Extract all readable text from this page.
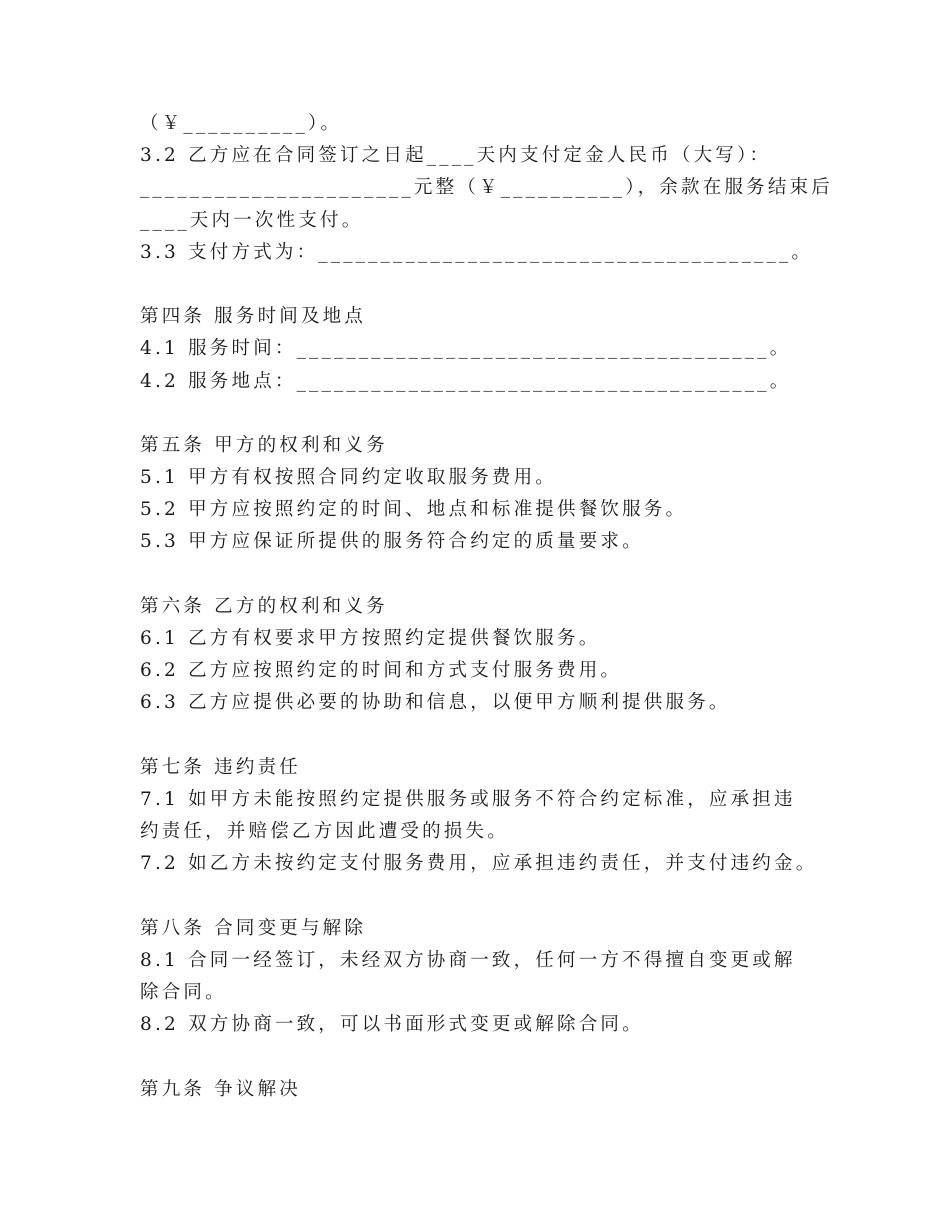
（￥__________）。
3.2 乙方应在合同签订之日起____天内支付定金人民币（大写）：
______________________元整（￥__________），余款在服务结束后
____天内一次性支付。
3.3 支付方式为：______________________________________。
第四条 服务时间及地点
4.1 服务时间：______________________________________。
4.2 服务地点：______________________________________。
第五条 甲方的权利和义务
5.1 甲方有权按照合同约定收取服务费用。
5.2 甲方应按照约定的时间、地点和标准提供餐饮服务。
5.3 甲方应保证所提供的服务符合约定的质量要求。
第六条 乙方的权利和义务
6.1 乙方有权要求甲方按照约定提供餐饮服务。
6.2 乙方应按照约定的时间和方式支付服务费用。
6.3 乙方应提供必要的协助和信息，以便甲方顺利提供服务。
第七条 违约责任
7.1 如甲方未能按照约定提供服务或服务不符合约定标准，应承担违
约责任，并赔偿乙方因此遭受的损失。
7.2 如乙方未按约定支付服务费用，应承担违约责任，并支付违约金。
第八条 合同变更与解除
8.1 合同一经签订，未经双方协商一致，任何一方不得擅自变更或解
除合同。
8.2 双方协商一致，可以书面形式变更或解除合同。
第九条 争议解决
